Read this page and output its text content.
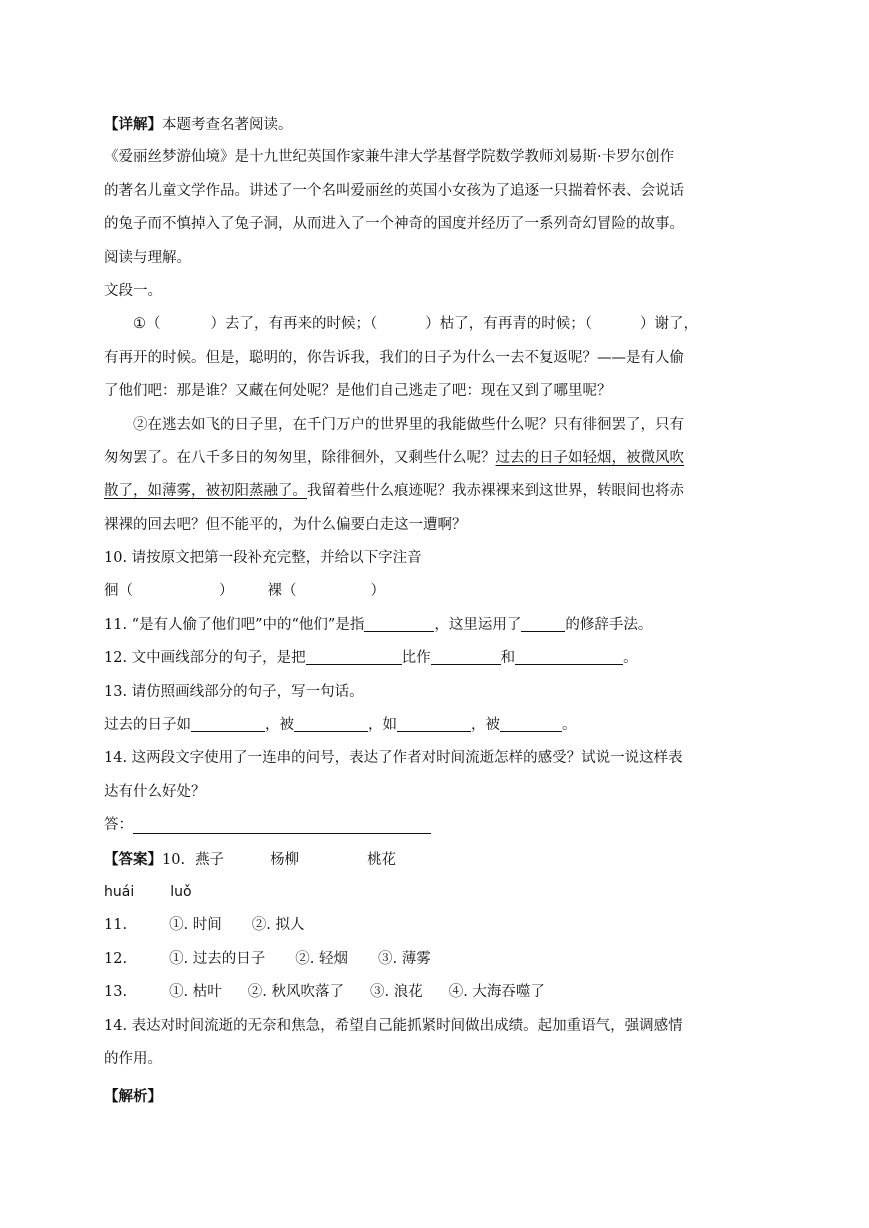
【详解】本题考查名著阅读。
《爱丽丝梦游仙境》是十九世纪英国作家兼牛津大学基督学院数学教师刘易斯·卡罗尔创作
的著名儿童文学作品。讲述了一个名叫爱丽丝的英国小女孩为了追逐一只揣着怀表、会说话
的兔子而不慎掉入了兔子洞，从而进入了一个神奇的国度并经历了一系列奇幻冒险的故事。
阅读与理解。
文段一。
①（	）去了，有再来的时候；（	）枯了，有再青的时候；（	）谢了，
有再开的时候。但是，聪明的，你告诉我，我们的日子为什么一去不复返呢？——是有人偷
了他们吧：那是谁？又藏在何处呢？是他们自己逃走了吧：现在又到了哪里呢？
②在逃去如飞的日子里，在千门万户的世界里的我能做些什么呢？只有徘徊罢了，只有
匆匆罢了。在八千多日的匆匆里，除徘徊外，又剩些什么呢？过去的日子如轻烟，被微风吹
散了，如薄雾，被初阳蒸融了。我留着些什么痕迹呢？我赤裸裸来到这世界，转眼间也将赤
裸裸的回去吧？但不能平的，为什么偏要白走这一遭啊？
10. 请按原文把第一段补充完整，并给以下字注音
徊（	） 裸（	）
11. “是有人偷了他们吧”中的“他们”是指	，这里运用了	的修辞手法。
12. 文中画线部分的句子，是把	比作	和	。
13. 请仿照画线部分的句子，写一句话。
过去的日子如	，被	，如	，被	。
14. 这两段文字使用了一连串的问号，表达了作者对时间流逝怎样的感受？试说一说这样表
达有什么好处？
答：
【答案】10. 燕子	杨柳	桃花
huái	luǒ
11.	①. 时间 ②. 拟人
12.	①. 过去的日子 ②. 轻烟 ③. 薄雾
13.	①. 枯叶 ②. 秋风吹落了 ③. 浪花 ④. 大海吞噬了
14. 表达对时间流逝的无奈和焦急，希望自己能抓紧时间做出成绩。起加重语气，强调感情
的作用。
【解析】
